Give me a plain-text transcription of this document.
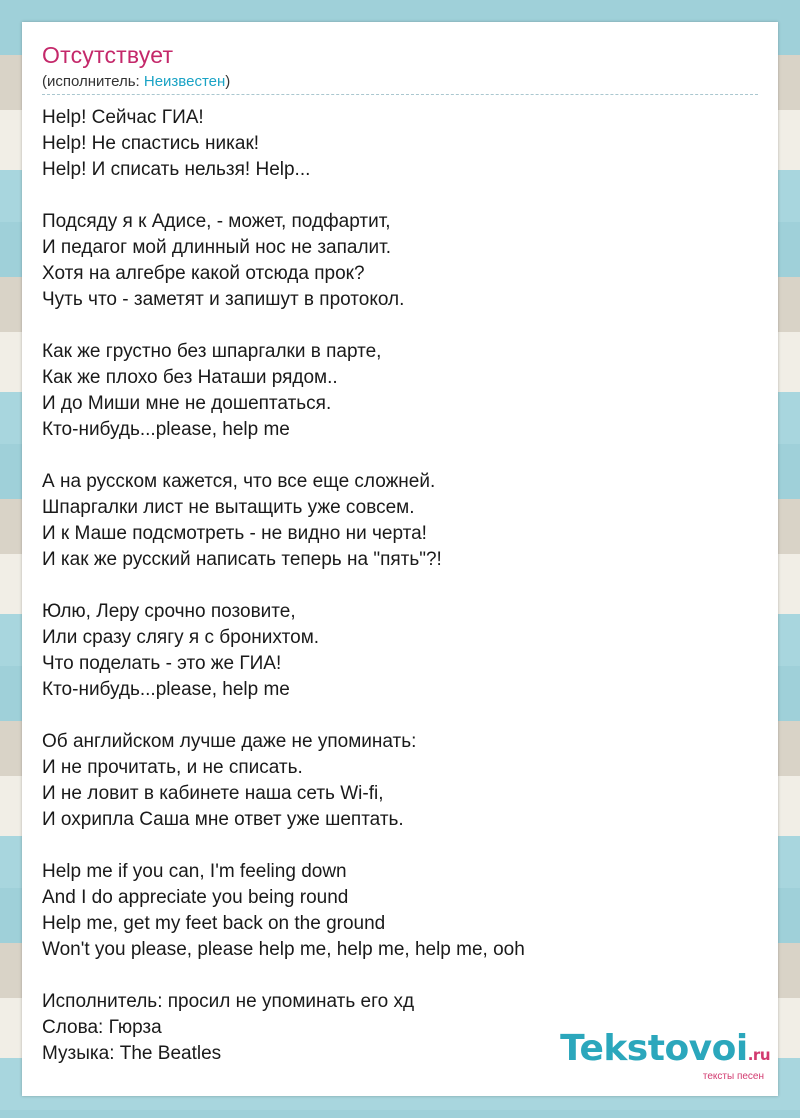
Отсутствует
(исполнитель: Неизвестен)
Help! Сейчас ГИА!
Help! Не спастись никак!
Help! И списать нельзя! Help...
Подсяду я к Адисе, - может, подфартит,
И педагог мой длинный нос не запалит.
Хотя на алгебре какой отсюда прок?
Чуть что - заметят и запишут в протокол.
Как же грустно без шпаргалки в парте,
Как же плохо без Наташи рядом..
И до Миши мне не дошептаться.
Кто-нибудь...please, help me
А на русском кажется, что все еще сложней.
Шпаргалки лист не вытащить уже совсем.
И к Маше подсмотреть - не видно ни черта!
И как же русский написать теперь на "пять"?!
Юлю, Леру срочно позовите,
Или сразу слягу я с бронихтом.
Что поделать - это же ГИА!
Кто-нибудь...please, help me
Об английском лучше даже не упоминать:
И не прочитать, и не списать.
И не ловит в кабинете наша сеть Wi-fi,
И охрипла Саша мне ответ уже шептать.
Help me if you can, I'm feeling down
And I do appreciate you being round
Help me, get my feet back on the ground
Won't you please, please help me, help me, help me, ooh
Исполнитель: просил не упоминать его хд
Слова: Гюрза
Музыка: The Beatles	Tekstovoi.ru
тексты песен
